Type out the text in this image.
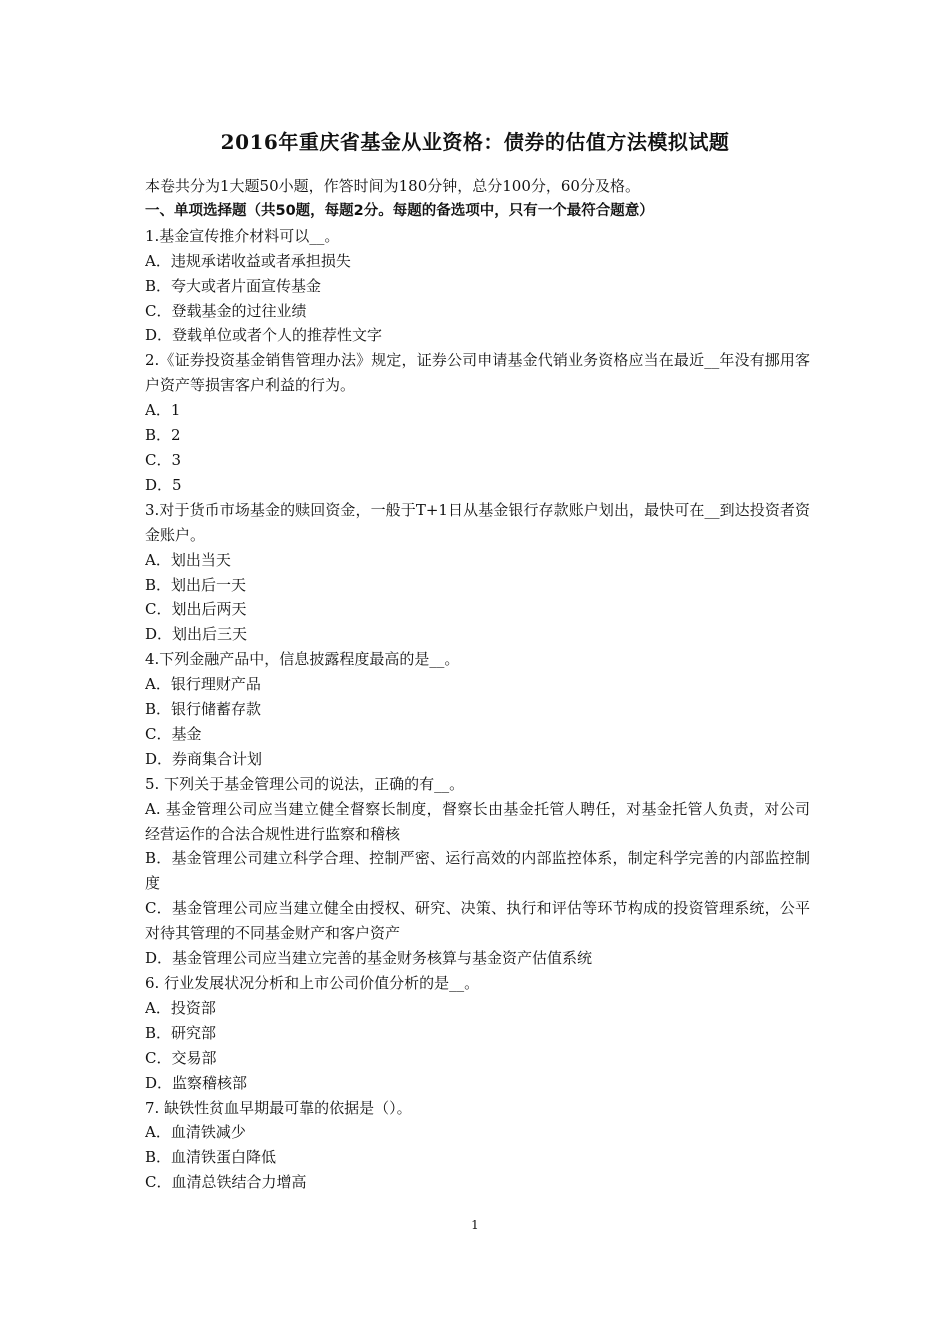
2016年重庆省基金从业资格：债券的估值方法模拟试题
本卷共分为1大题50小题，作答时间为180分钟，总分100分，60分及格。
一、单项选择题（共50题，每题2分。每题的备选项中，只有一个最符合题意）
1.基金宣传推介材料可以__。
A．违规承诺收益或者承担损失
B．夸大或者片面宣传基金
C．登载基金的过往业绩
D．登载单位或者个人的推荐性文字
2.《证券投资基金销售管理办法》规定，证券公司申请基金代销业务资格应当在最近__年没有挪用客户资产等损害客户利益的行为。
A．1
B．2
C．3
D．5
3.对于货币市场基金的赎回资金，一般于T+1日从基金银行存款账户划出，最快可在__到达投资者资金账户。
A．划出当天
B．划出后一天
C．划出后两天
D．划出后三天
4.下列金融产品中，信息披露程度最高的是__。
A．银行理财产品
B．银行储蓄存款
C．基金
D．券商集合计划
5. 下列关于基金管理公司的说法，正确的有__。
A. 基金管理公司应当建立健全督察长制度，督察长由基金托管人聘任，对基金托管人负责，对公司经营运作的合法合规性进行监察和稽核
B．基金管理公司建立科学合理、控制严密、运行高效的内部监控体系，制定科学完善的内部监控制度
C．基金管理公司应当建立健全由授权、研究、决策、执行和评估等环节构成的投资管理系统，公平对待其管理的不同基金财产和客户资产
D．基金管理公司应当建立完善的基金财务核算与基金资产估值系统
6. 行业发展状况分析和上市公司价值分析的是__。
A．投资部
B．研究部
C．交易部
D．监察稽核部
7. 缺铁性贫血早期最可靠的依据是（）。
A．血清铁减少
B．血清铁蛋白降低
C．血清总铁结合力增高
1
